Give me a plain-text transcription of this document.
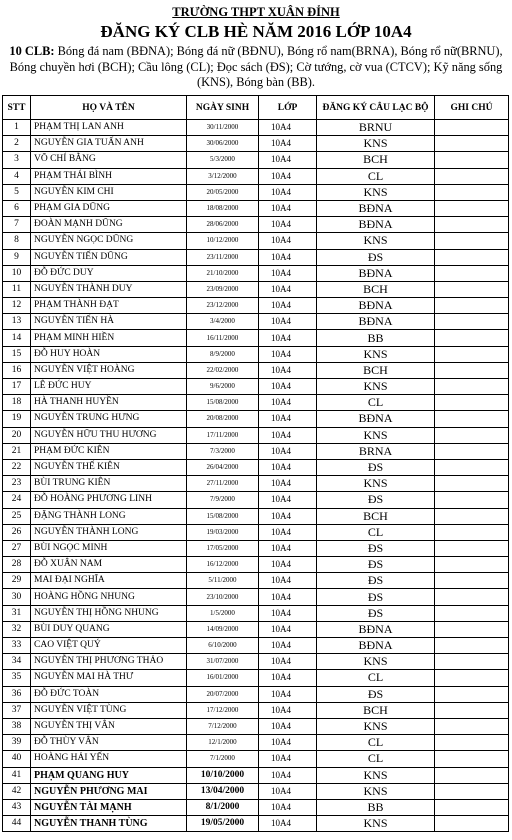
TRƯỜNG THPT XUÂN ĐỈNH
ĐĂNG KÝ CLB HÈ NĂM 2016 LỚP 10A4
10 CLB: Bóng đá nam (BĐNA); Bóng đá nữ (BĐNU), Bóng rổ nam(BRNA), Bóng rổ nữ(BRNU), Bóng chuyền hơi (BCH); Cầu lông (CL); Đọc sách (ĐS); Cờ tướng, cờ vua (CTCV); Kỹ năng sống (KNS), Bóng bàn (BB).
STT	HỌ VÀ TÊN	NGÀY SINH	LỚP	ĐĂNG KÝ CÂU LẠC BỘ	GHI CHÚ
1	PHẠM THỊ LAN ANH	30/11/2000	10A4	BRNU	
2	NGUYỄN GIA TUẤN ANH	30/06/2000	10A4	KNS	
3	VÕ CHÍ BẰNG	5/3/2000	10A4	BCH	
4	PHẠM THÁI BÌNH	3/12/2000	10A4	CL	
5	NGUYỄN KIM CHI	20/05/2000	10A4	KNS	
6	PHẠM GIA DŨNG	18/08/2000	10A4	BĐNA	
7	ĐOÀN MẠNH DŨNG	28/06/2000	10A4	BĐNA	
8	NGUYỄN NGỌC DŨNG	10/12/2000	10A4	KNS	
9	NGUYỄN TIẾN DŨNG	23/11/2000	10A4	ĐS	
10	ĐỖ ĐỨC DUY	21/10/2000	10A4	BĐNA	
11	NGUYỄN THÀNH DUY	23/09/2000	10A4	BCH	
12	PHẠM THÀNH ĐẠT	23/12/2000	10A4	BĐNA	
13	NGUYỄN TIẾN HÀ	3/4/2000	10A4	BĐNA	
14	PHẠM MINH HIỀN	16/11/2000	10A4	BB	
15	ĐỖ HUY HOÀN	8/9/2000	10A4	KNS	
16	NGUYỄN VIỆT HOÀNG	22/02/2000	10A4	BCH	
17	LÊ ĐỨC HUY	9/6/2000	10A4	KNS	
18	HÀ THANH HUYỀN	15/08/2000	10A4	CL	
19	NGUYỄN TRUNG HƯNG	20/08/2000	10A4	BĐNA	
20	NGUYỄN HỮU THU HƯƠNG	17/11/2000	10A4	KNS	
21	PHẠM ĐỨC KIÊN	7/3/2000	10A4	BRNA	
22	NGUYỄN THẾ KIÊN	26/04/2000	10A4	ĐS	
23	BÙI TRUNG KIÊN	27/11/2000	10A4	KNS	
24	ĐỖ HOÀNG PHƯƠNG LINH	7/9/2000	10A4	ĐS	
25	ĐẶNG THÀNH LONG	15/08/2000	10A4	BCH	
26	NGUYỄN THÀNH LONG	19/03/2000	10A4	CL	
27	BÙI NGỌC MINH	17/05/2000	10A4	ĐS	
28	ĐỖ XUÂN NAM	16/12/2000	10A4	ĐS	
29	MAI ĐẠI NGHĨA	5/11/2000	10A4	ĐS	
30	HOÀNG HỒNG NHUNG	23/10/2000	10A4	ĐS	
31	NGUYỄN THỊ HỒNG NHUNG	1/5/2000	10A4	ĐS	
32	BÙI DUY QUANG	14/09/2000	10A4	BĐNA	
33	CAO VIỆT QUÝ	6/10/2000	10A4	BĐNA	
34	NGUYỄN THỊ PHƯƠNG THẢO	31/07/2000	10A4	KNS	
35	NGUYỄN MAI HÀ THƯ	16/01/2000	10A4	CL	
36	ĐỖ ĐỨC TOÀN	20/07/2000	10A4	ĐS	
37	NGUYỄN VIỆT TÙNG	17/12/2000	10A4	BCH	
38	NGUYỄN THỊ VÂN	7/12/2000	10A4	KNS	
39	ĐỖ THÙY VÂN	12/1/2000	10A4	CL	
40	HOÀNG HẢI YẾN	7/1/2000	10A4	CL	
41	PHẠM QUANG HUY	10/10/2000	10A4	KNS	
42	NGUYỄN PHƯƠNG MAI	13/04/2000	10A4	KNS	
43	NGUYỄN TÀI MẠNH	8/1/2000	10A4	BB	
44	NGUYỄN THANH TÙNG	19/05/2000	10A4	KNS	
